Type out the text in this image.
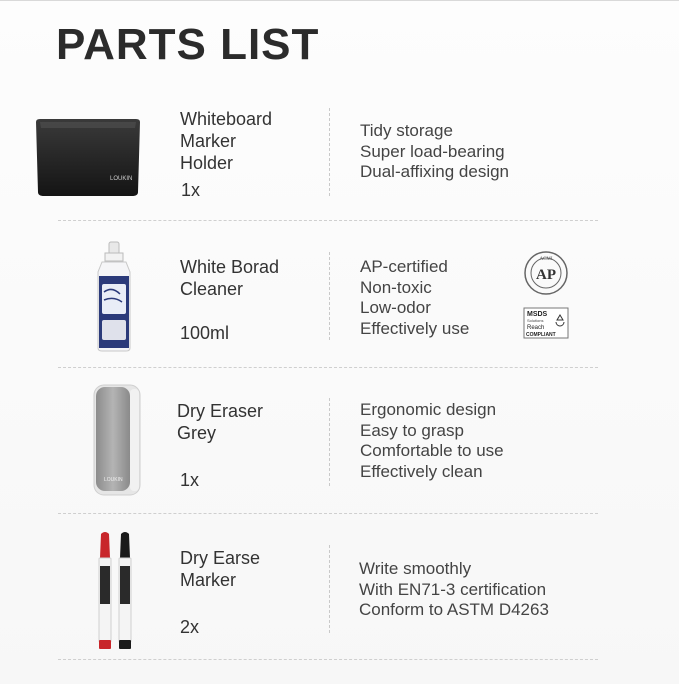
PARTS LIST
LOUKIN
Whiteboard
Marker
Holder
1x
Tidy storage
Super load-bearing
Dual-affixing design
White Borad
Cleaner
100ml
AP-certified
Non-toxic
Low-odor
Effectively use
ACMI
AP
MSDS
Solutions
Reach
COMPLIANT
LOUKIN
Dry Eraser
Grey
1x
Ergonomic design
Easy to grasp
Comfortable to use
Effectively clean
Dry Earse
Marker
2x
Write smoothly
With EN71-3 certification
Conform to ASTM D4263
